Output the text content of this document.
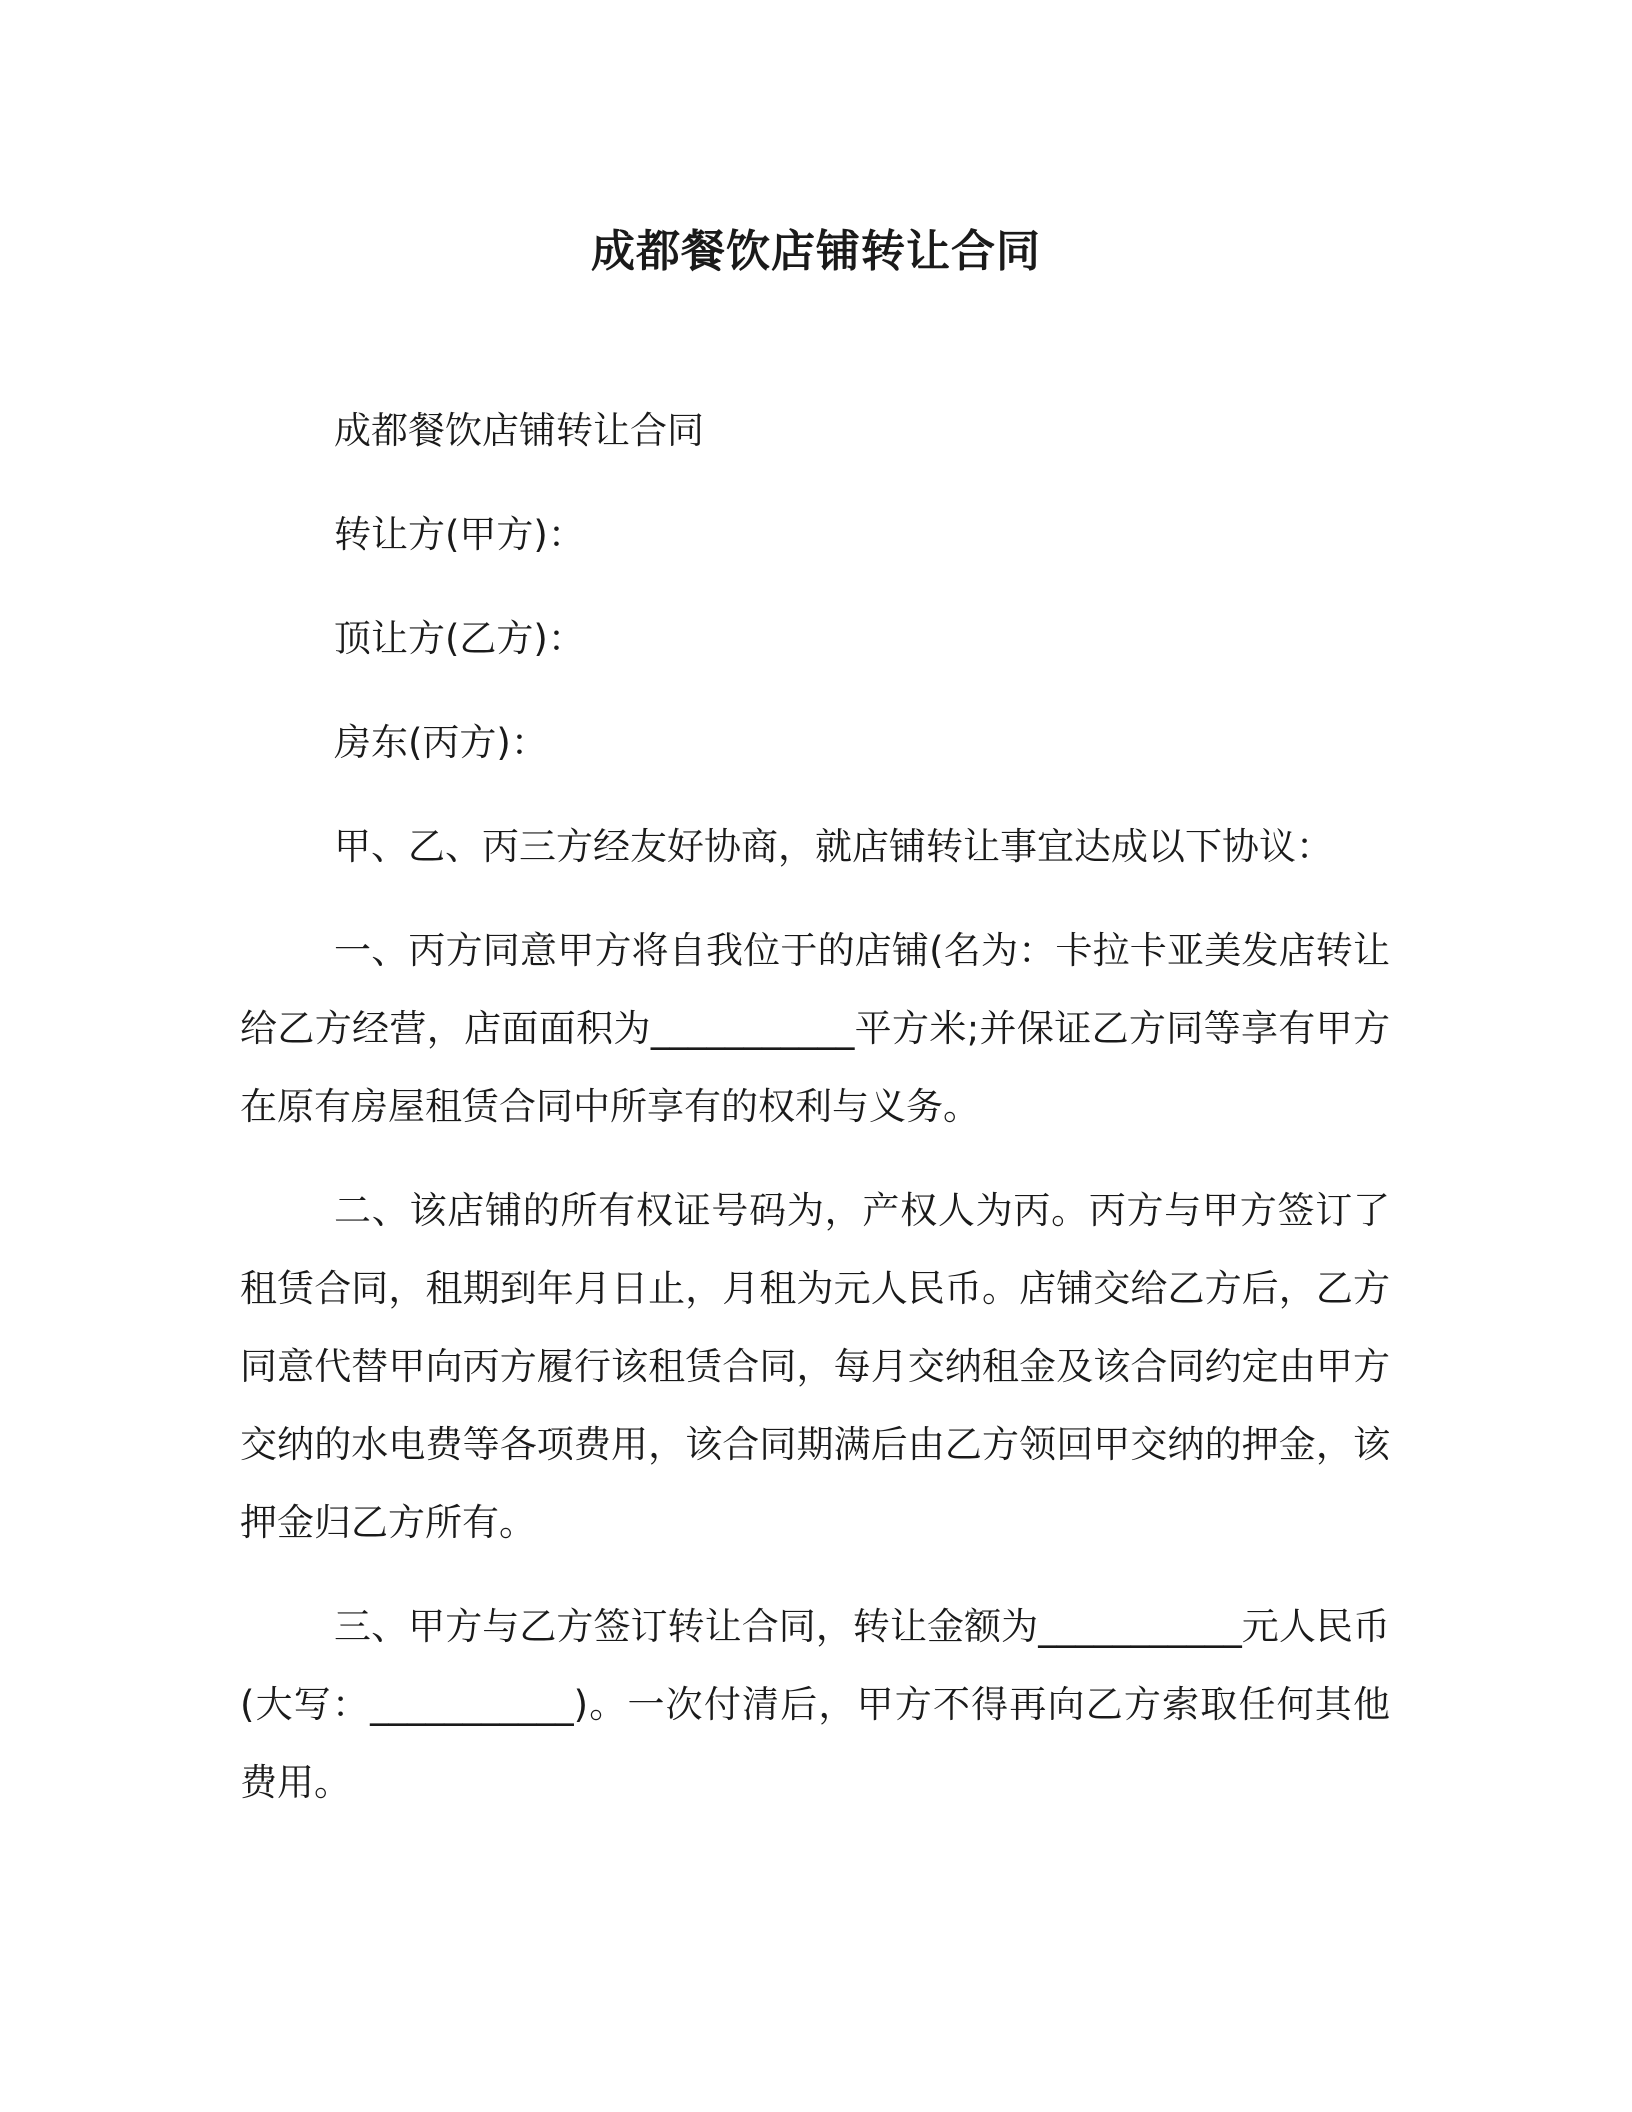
成都餐饮店铺转让合同

成都餐饮店铺转让合同

转让方(甲方)：

顶让方(乙方)：

房东(丙方)：

甲、乙、丙三方经友好协商，就店铺转让事宜达成以下协议：

一、丙方同意甲方将自我位于的店铺(名为：卡拉卡亚美发店转让给乙方经营，店面面积为___________平方米;并保证乙方同等享有甲方在原有房屋租赁合同中所享有的权利与义务。

二、该店铺的所有权证号码为，产权人为丙。丙方与甲方签订了租赁合同，租期到年月日止，月租为元人民币。店铺交给乙方后，乙方同意代替甲向丙方履行该租赁合同，每月交纳租金及该合同约定由甲方交纳的水电费等各项费用，该合同期满后由乙方领回甲交纳的押金，该押金归乙方所有。

三、甲方与乙方签订转让合同，转让金额为___________元人民币(大写：___________)。一次付清后，甲方不得再向乙方索取任何其他费用。
